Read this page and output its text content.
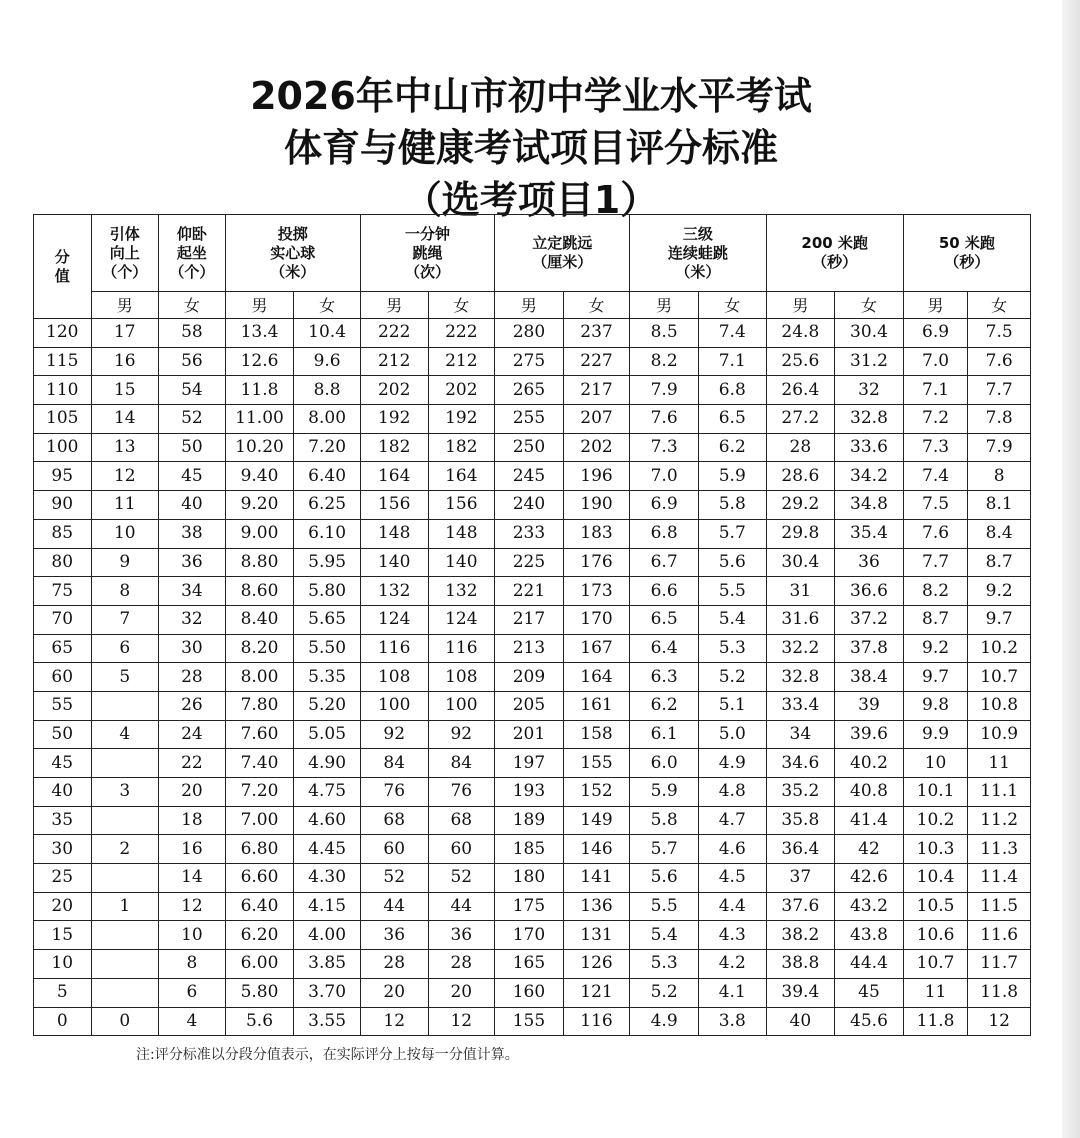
2026年中山市初中学业水平考试
体育与健康考试项目评分标准
（选考项目1）
分
值	引体
向上
（个）	仰卧
起坐
（个）	投掷
实心球
（米）		一分钟
跳绳
（次）		立定跳远
（厘米）		三级
连续蛙跳
（米）		200 米跑
（秒）		50 米跑
（秒）	

	男	女	男	女	男	女	男	女	男	女	男	女	男	女
120	17	58	13.4	10.4	222	222	280	237	8.5	7.4	24.8	30.4	6.9	7.5
115	16	56	12.6	9.6	212	212	275	227	8.2	7.1	25.6	31.2	7.0	7.6
110	15	54	11.8	8.8	202	202	265	217	7.9	6.8	26.4	32	7.1	7.7
105	14	52	11.00	8.00	192	192	255	207	7.6	6.5	27.2	32.8	7.2	7.8
100	13	50	10.20	7.20	182	182	250	202	7.3	6.2	28	33.6	7.3	7.9
95	12	45	9.40	6.40	164	164	245	196	7.0	5.9	28.6	34.2	7.4	8
90	11	40	9.20	6.25	156	156	240	190	6.9	5.8	29.2	34.8	7.5	8.1
85	10	38	9.00	6.10	148	148	233	183	6.8	5.7	29.8	35.4	7.6	8.4
80	9	36	8.80	5.95	140	140	225	176	6.7	5.6	30.4	36	7.7	8.7
75	8	34	8.60	5.80	132	132	221	173	6.6	5.5	31	36.6	8.2	9.2
70	7	32	8.40	5.65	124	124	217	170	6.5	5.4	31.6	37.2	8.7	9.7
65	6	30	8.20	5.50	116	116	213	167	6.4	5.3	32.2	37.8	9.2	10.2
60	5	28	8.00	5.35	108	108	209	164	6.3	5.2	32.8	38.4	9.7	10.7
55		26	7.80	5.20	100	100	205	161	6.2	5.1	33.4	39	9.8	10.8
50	4	24	7.60	5.05	92	92	201	158	6.1	5.0	34	39.6	9.9	10.9
45		22	7.40	4.90	84	84	197	155	6.0	4.9	34.6	40.2	10	11
40	3	20	7.20	4.75	76	76	193	152	5.9	4.8	35.2	40.8	10.1	11.1
35		18	7.00	4.60	68	68	189	149	5.8	4.7	35.8	41.4	10.2	11.2
30	2	16	6.80	4.45	60	60	185	146	5.7	4.6	36.4	42	10.3	11.3
25		14	6.60	4.30	52	52	180	141	5.6	4.5	37	42.6	10.4	11.4
20	1	12	6.40	4.15	44	44	175	136	5.5	4.4	37.6	43.2	10.5	11.5
15		10	6.20	4.00	36	36	170	131	5.4	4.3	38.2	43.8	10.6	11.6
10		8	6.00	3.85	28	28	165	126	5.3	4.2	38.8	44.4	10.7	11.7
5		6	5.80	3.70	20	20	160	121	5.2	4.1	39.4	45	11	11.8
0	0	4	5.6	3.55	12	12	155	116	4.9	3.8	40	45.6	11.8	12
注:评分标准以分段分值表示，在实际评分上按每一分值计算。
